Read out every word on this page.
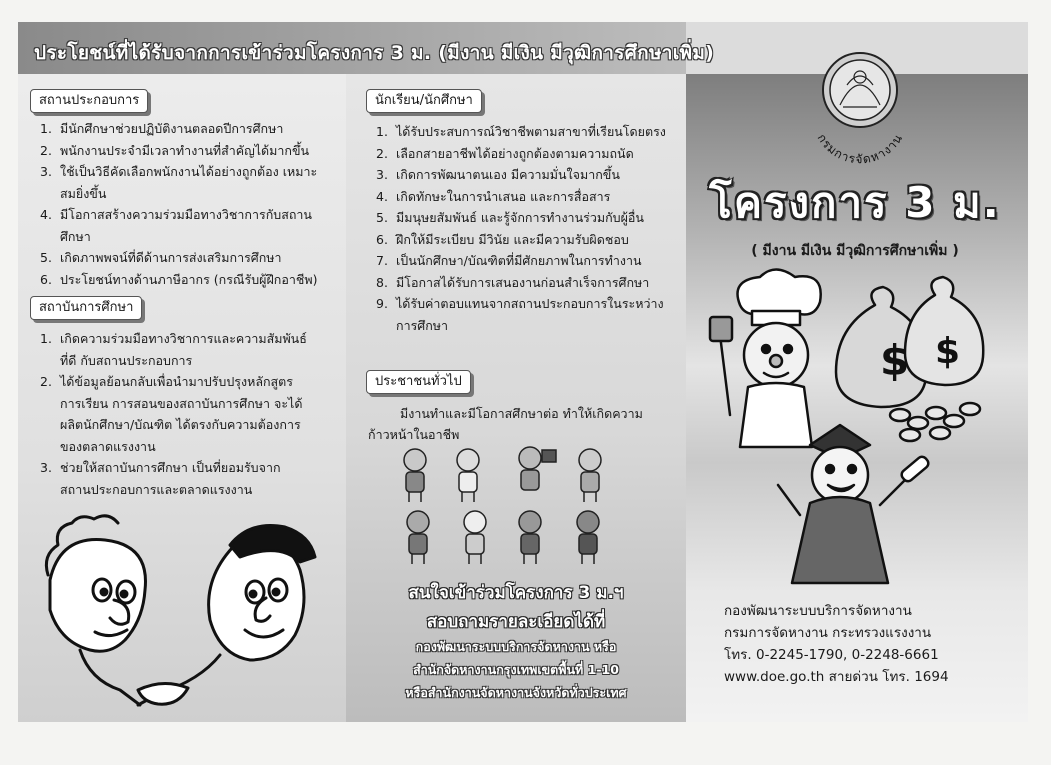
ประโยชน์ที่ได้รับจากการเข้าร่วมโครงการ 3 ม. (มีงาน มีเงิน มีวุฒิการศึกษาเพิ่ม)
สถานประกอบการ
1. มีนักศึกษาช่วยปฏิบัติงานตลอดปีการศึกษา
2. พนักงานประจำมีเวลาทำงานที่สำคัญได้มากขึ้น
3. ใช้เป็นวิธีคัดเลือกพนักงานได้อย่างถูกต้อง เหมาะสมยิ่งขึ้น
4. มีโอกาสสร้างความร่วมมือทางวิชาการกับสถานศึกษา
5. เกิดภาพพจน์ที่ดีด้านการส่งเสริมการศึกษา
6. ประโยชน์ทางด้านภาษีอากร (กรณีรับผู้ฝึกอาชีพ)
สถาบันการศึกษา
1. เกิดความร่วมมือทางวิชาการและความสัมพันธ์ที่ดี กับสถานประกอบการ
2. ได้ข้อมูลย้อนกลับเพื่อนำมาปรับปรุงหลักสูตร การเรียน การสอนของสถาบันการศึกษา จะได้ ผลิตนักศึกษา/บัณฑิต ได้ตรงกับความต้องการ ของตลาดแรงงาน
3. ช่วยให้สถาบันการศึกษา เป็นที่ยอมรับจาก สถานประกอบการและตลาดแรงงาน
นักเรียน/นักศึกษา
1. ได้รับประสบการณ์วิชาชีพตามสาขาที่เรียนโดยตรง
2. เลือกสายอาชีพได้อย่างถูกต้องตามความถนัด
3. เกิดการพัฒนาตนเอง มีความมั่นใจมากขึ้น
4. เกิดทักษะในการนำเสนอ และการสื่อสาร
5. มีมนุษยสัมพันธ์ และรู้จักการทำงานร่วมกับผู้อื่น
6. ฝึกให้มีระเบียบ มีวินัย และมีความรับผิดชอบ
7. เป็นนักศึกษา/บัณฑิตที่มีศักยภาพในการทำงาน
8. มีโอกาสได้รับการเสนองานก่อนสำเร็จการศึกษา
9. ได้รับค่าตอบแทนจากสถานประกอบการในระหว่าง การศึกษา
ประชาชนทั่วไป
มีงานทำและมีโอกาสศึกษาต่อ ทำให้เกิดความก้าวหน้าในอาชีพ
สนใจเข้าร่วมโครงการ 3 ม.ฯ
สอบถามรายละเอียดได้ที่
กองพัฒนาระบบบริการจัดหางาน หรือ
สำนักจัดหางานกรุงเทพเขตพื้นที่ 1-10
หรือสำนักงานจัดหางานจังหวัดทั่วประเทศ
กรมการจัดหางาน
โครงการ 3 ม.
( มีงาน มีเงิน มีวุฒิการศึกษาเพิ่ม )
$ $
กองพัฒนาระบบบริการจัดหางาน
กรมการจัดหางาน กระทรวงแรงงาน
โทร. 0-2245-1790, 0-2248-6661
www.doe.go.th สายด่วน โทร. 1694
